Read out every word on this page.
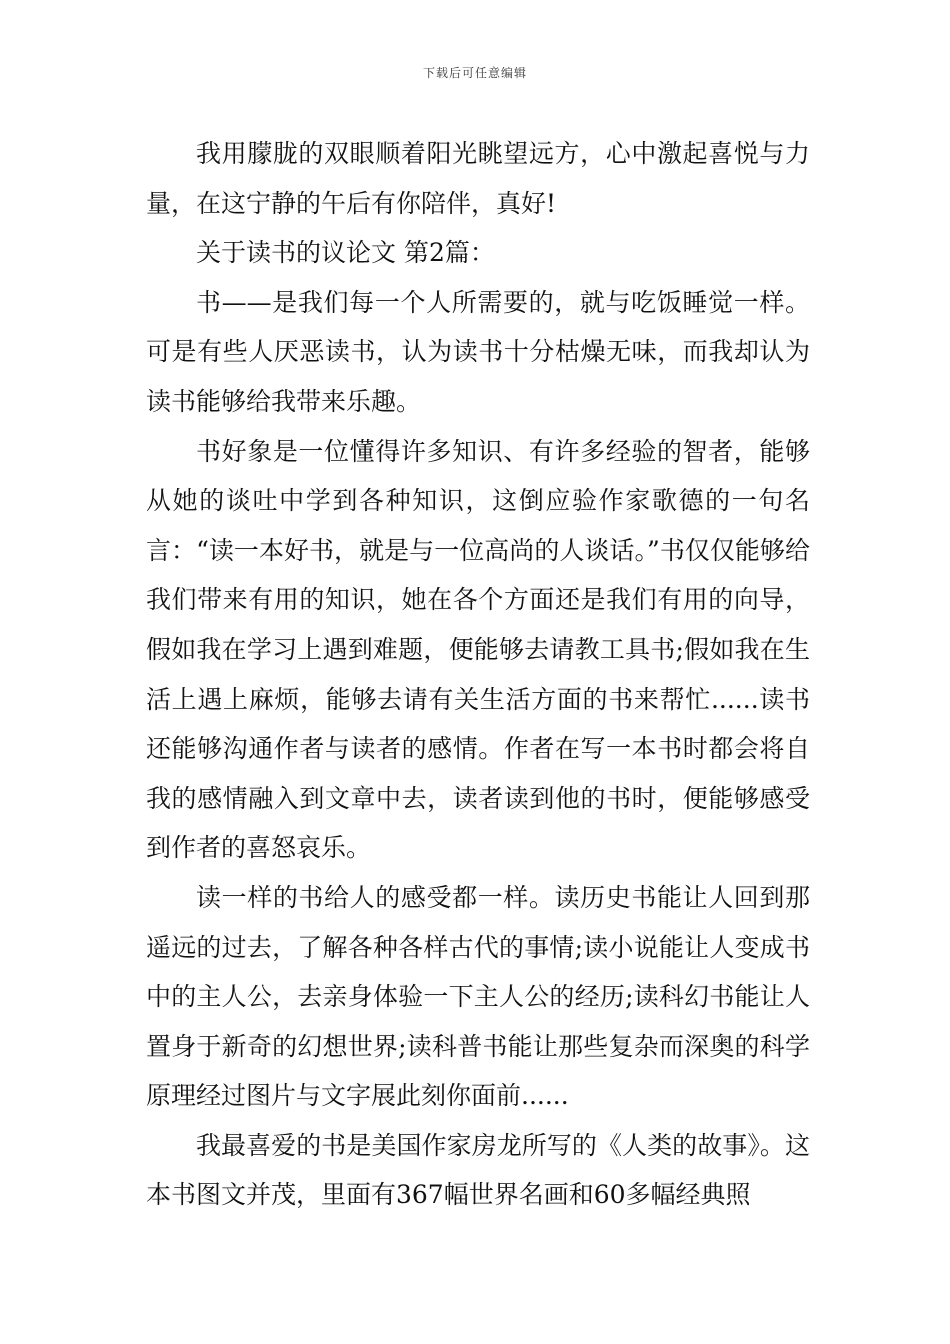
下载后可任意编辑

我用朦胧的双眼顺着阳光眺望远方，心中激起喜悦与力量，在这宁静的午后有你陪伴，真好!

关于读书的议论文 第2篇：

书——是我们每一个人所需要的，就与吃饭睡觉一样。可是有些人厌恶读书，认为读书十分枯燥无味，而我却认为读书能够给我带来乐趣。

书好象是一位懂得许多知识、有许多经验的智者，能够从她的谈吐中学到各种知识，这倒应验作家歌德的一句名言：“读一本好书，就是与一位高尚的人谈话。”书仅仅能够给我们带来有用的知识，她在各个方面还是我们有用的向导，假如我在学习上遇到难题，便能够去请教工具书;假如我在生活上遇上麻烦，能够去请有关生活方面的书来帮忙......读书还能够沟通作者与读者的感情。作者在写一本书时都会将自我的感情融入到文章中去，读者读到他的书时，便能够感受到作者的喜怒哀乐。

读一样的书给人的感受都一样。读历史书能让人回到那遥远的过去，了解各种各样古代的事情;读小说能让人变成书中的主人公，去亲身体验一下主人公的经历;读科幻书能让人置身于新奇的幻想世界;读科普书能让那些复杂而深奥的科学原理经过图片与文字展此刻你面前......

我最喜爱的书是美国作家房龙所写的《人类的故事》。这本书图文并茂，里面有367幅世界名画和60多幅经典照
